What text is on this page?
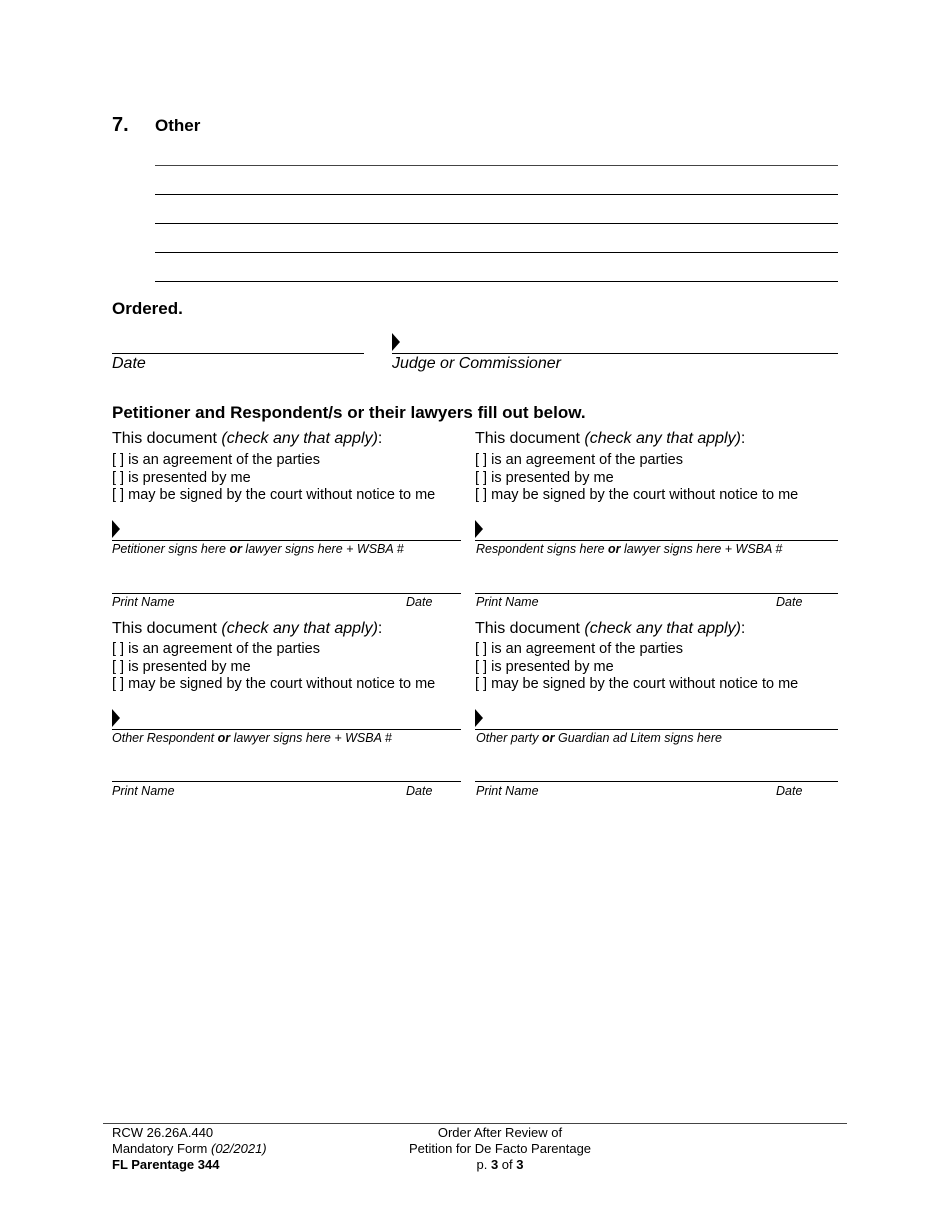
7. Other
Ordered.
Date	Judge or Commissioner
Petitioner and Respondent/s or their lawyers fill out below.
This document (check any that apply):
[ ] is an agreement of the parties
[ ] is presented by me
[ ] may be signed by the court without notice to me
Petitioner signs here or lawyer signs here + WSBA #
Print Name	Date
This document (check any that apply):
[ ] is an agreement of the parties
[ ] is presented by me
[ ] may be signed by the court without notice to me
Respondent signs here or lawyer signs here + WSBA #
Print Name	Date
This document (check any that apply):
[ ] is an agreement of the parties
[ ] is presented by me
[ ] may be signed by the court without notice to me
Other Respondent or lawyer signs here + WSBA #
Print Name	Date
This document (check any that apply):
[ ] is an agreement of the parties
[ ] is presented by me
[ ] may be signed by the court without notice to me
Other party or Guardian ad Litem signs here
Print Name	Date
RCW 26.26A.440
Mandatory Form (02/2021)
FL Parentage 344
Order After Review of
Petition for De Facto Parentage
p. 3 of 3
